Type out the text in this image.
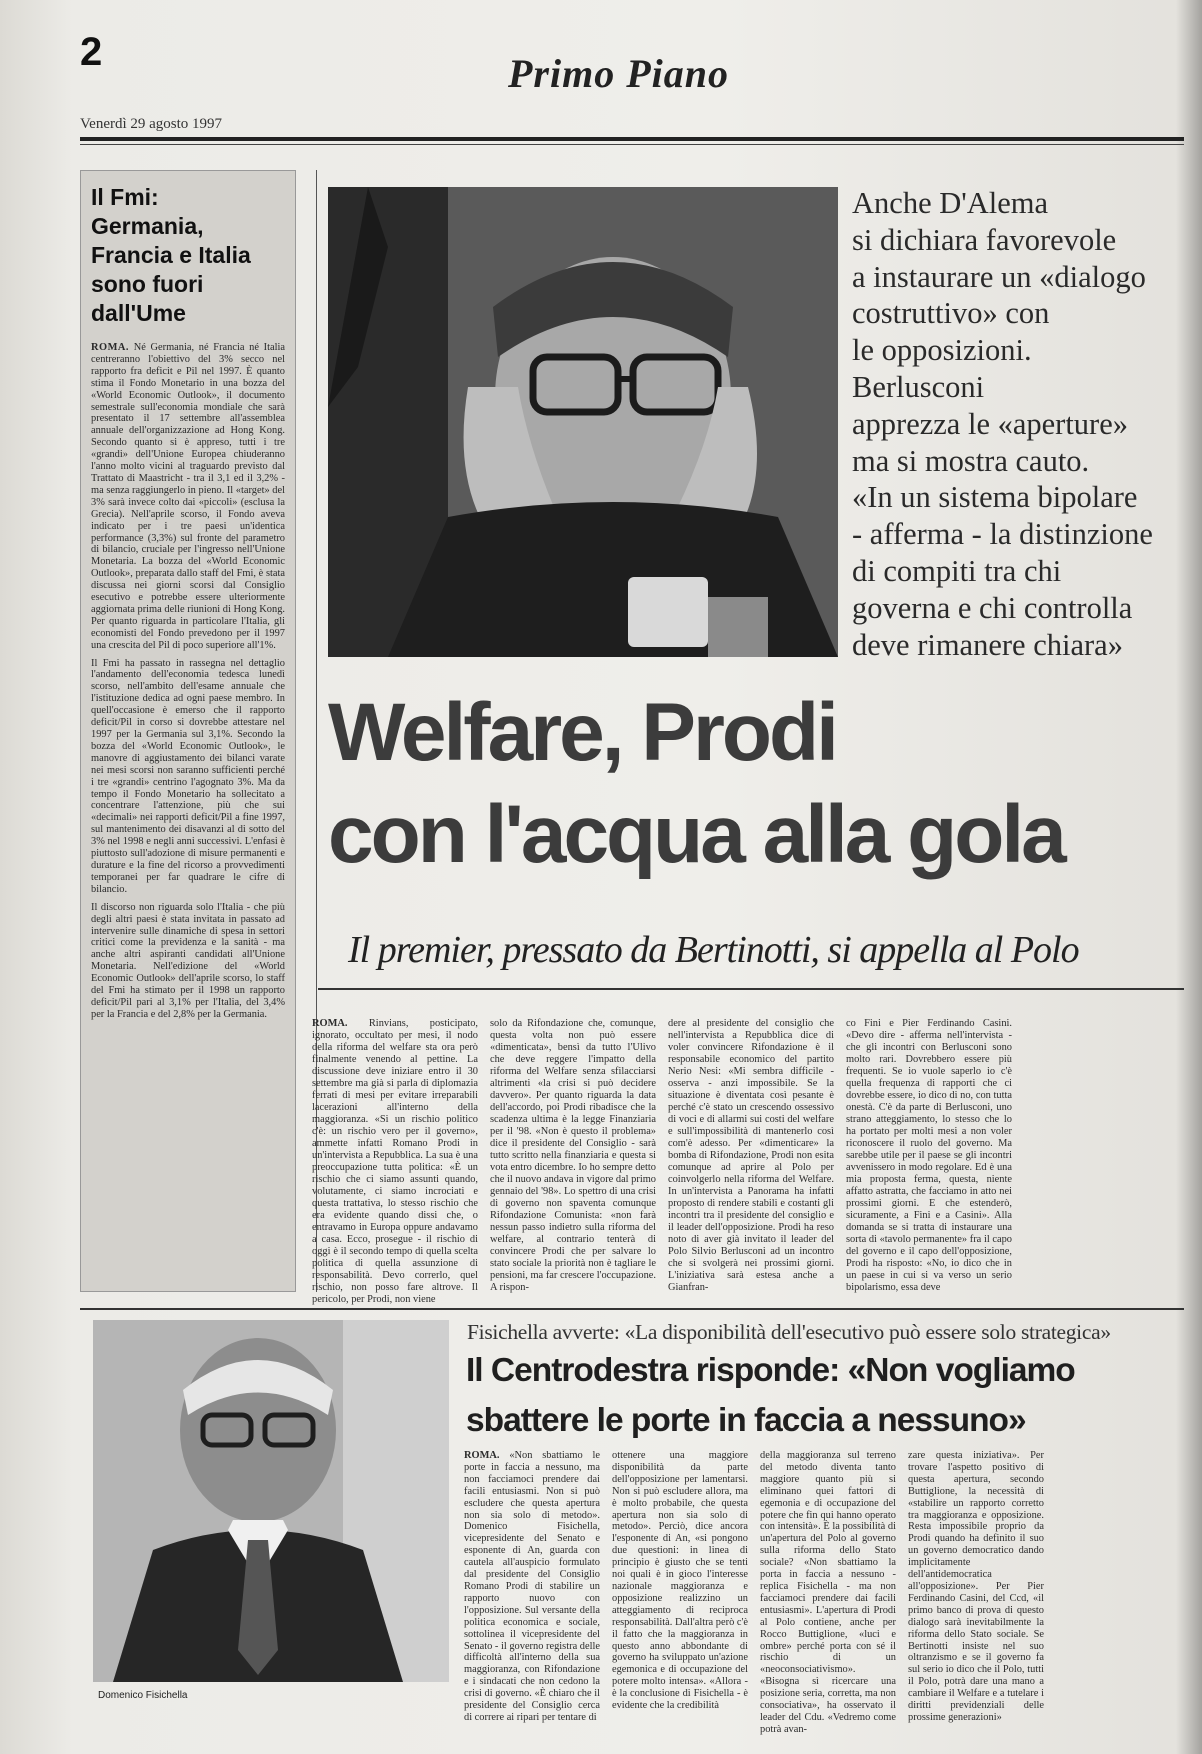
2	Primo Piano
Venerdì 29 agosto 1997
Il Fmi:
Germania,
Francia e Italia
sono fuori
dall'Ume

ROMA. Né Germania, né Francia né Italia centreranno l'obiettivo del 3% secco nel rapporto fra deficit e Pil nel 1997. È quanto stima il Fondo Monetario in una bozza del «World Economic Outlook», il documento semestrale sull'economia mondiale che sarà presentato il 17 settembre all'assemblea annuale dell'organizzazione ad Hong Kong. Secondo quanto si è appreso, tutti i tre «grandi» dell'Unione Europea chiuderanno l'anno molto vicini al traguardo previsto dal Trattato di Maastricht - tra il 3,1 ed il 3,2% - ma senza raggiungerlo in pieno. Il «target» del 3% sarà invece colto dai «piccoli» (esclusa la Grecia). Nell'aprile scorso, il Fondo aveva indicato per i tre paesi un'identica performance (3,3%) sul fronte del parametro di bilancio, cruciale per l'ingresso nell'Unione Monetaria. La bozza del «World Economic Outlook», preparata dallo staff del Fmi, è stata discussa nei giorni scorsi dal Consiglio esecutivo e potrebbe essere ulteriormente aggiornata prima delle riunioni di Hong Kong. Per quanto riguarda in particolare l'Italia, gli economisti del Fondo prevedono per il 1997 una crescita del Pil di poco superiore all'1%.

Il Fmi ha passato in rassegna nel dettaglio l'andamento dell'economia tedesca lunedì scorso, nell'ambito dell'esame annuale che l'istituzione dedica ad ogni paese membro. In quell'occasione è emerso che il rapporto deficit/Pil in corso si dovrebbe attestare nel 1997 per la Germania sul 3,1%. Secondo la bozza del «World Economic Outlook», le manovre di aggiustamento dei bilanci varate nei mesi scorsi non saranno sufficienti perché i tre «grandi» centrino l'agognato 3%. Ma da tempo il Fondo Monetario ha sollecitato a concentrare l'attenzione, più che sui «decimali» nei rapporti deficit/Pil a fine 1997, sul mantenimento dei disavanzi al di sotto del 3% nel 1998 e negli anni successivi. L'enfasi è piuttosto sull'adozione di misure permanenti e durature e la fine del ricorso a provvedimenti temporanei per far quadrare le cifre di bilancio.

Il discorso non riguarda solo l'Italia - che più degli altri paesi è stata invitata in passato ad intervenire sulle dinamiche di spesa in settori critici come la previdenza e la sanità - ma anche altri aspiranti candidati all'Unione Monetaria. Nell'edizione del «World Economic Outlook» dell'aprile scorso, lo staff del Fmi ha stimato per il 1998 un rapporto deficit/Pil pari al 3,1% per l'Italia, del 3,4% per la Francia e del 2,8% per la Germania.

Anche D'Alema
si dichiara favorevole
a instaurare un «dialogo
costruttivo» con
le opposizioni.
Berlusconi
apprezza le «aperture»
ma si mostra cauto.
«In un sistema bipolare
- afferma - la distinzione
di compiti tra chi
governa e chi controlla
deve rimanere chiara»
Welfare, Prodi
con l'acqua alla gola
Il premier, pressato da Bertinotti, si appella al Polo

ROMA. Rinvians, posticipato, ignorato, occultato per mesi, il nodo della riforma del welfare sta ora però finalmente venendo al pettine. La discussione deve iniziare entro il 30 settembre ma già si parla di diplomazia ferrati di mesi per evitare irreparabili lacerazioni all'interno della maggioranza. «Si un rischio politico c'è: un rischio vero per il governo», ammette infatti Romano Prodi in un'intervista a Repubblica. La sua è una preoccupazione tutta politica: «È un rischio che ci siamo assunti quando, volutamente, ci siamo incrociati e questa trattativa, lo stesso rischio che era evidente quando dissi che, o entravamo in Europa oppure andavamo a casa. Ecco, prosegue - il rischio di oggi è il secondo tempo di quella scelta politica di quella assunzione di responsabilità. Devo correrlo, quel rischio, non posso fare altrove. Il pericolo, per Prodi, non viene

solo da Rifondazione che, comunque, questa volta non può essere «dimenticata», bensì da tutto l'Ulivo che deve reggere l'impatto della riforma del Welfare senza sfilacciarsi altrimenti «la crisi si può decidere davvero». Per quanto riguarda la data dell'accordo, poi Prodi ribadisce che la scadenza ultima è la legge Finanziaria per il '98. «Non è questo il problema» dice il presidente del Consiglio - sarà tutto scritto nella finanziaria e questa si vota entro dicembre. Io ho sempre detto che il nuovo andava in vigore dal primo gennaio del '98». Lo spettro di una crisi di governo non spaventa comunque Rifondazione Comunista: «non farà nessun passo indietro sulla riforma del welfare, al contrario tenterà di convincere Prodi che per salvare lo stato sociale la priorità non è tagliare le pensioni, ma far crescere l'occupazione. A rispon-

dere al presidente del consiglio che nell'intervista a Repubblica dice di voler convincere Rifondazione è il responsabile economico del partito Nerio Nesi: «Mi sembra difficile - osserva - anzi impossibile. Se la situazione è diventata così pesante è perché c'è stato un crescendo ossessivo di voci e di allarmi sui costi del welfare e sull'impossibilità di mantenerlo così com'è adesso. Per «dimenticare» la bomba di Rifondazione, Prodi non esita comunque ad aprire al Polo per coinvolgerlo nella riforma del Welfare. In un'intervista a Panorama ha infatti proposto di rendere stabili e costanti gli incontri tra il presidente del consiglio e il leader dell'opposizione. Prodi ha reso noto di aver già invitato il leader del Polo Silvio Berlusconi ad un incontro che si svolgerà nei prossimi giorni. L'iniziativa sarà estesa anche a Gianfran-

co Fini e Pier Ferdinando Casini. «Devo dire - afferma nell'intervista - che gli incontri con Berlusconi sono molto rari. Dovrebbero essere più frequenti. Se io vuole saperlo io c'è quella frequenza di rapporti che ci dovrebbe essere, io dico di no, con tutta onestà. C'è da parte di Berlusconi, uno strano atteggiamento, lo stesso che lo ha portato per molti mesi a non voler riconoscere il ruolo del governo. Ma sarebbe utile per il paese se gli incontri avvenissero in modo regolare. Ed è una mia proposta ferma, questa, niente affatto astratta, che facciamo in atto nei prossimi giorni. E che estenderò, sicuramente, a Fini e a Casini». Alla domanda se si tratta di instaurare una sorta di «tavolo permanente» fra il capo del governo e il capo dell'opposizione, Prodi ha risposto: «No, io dico che in un paese in cui si va verso un serio bipolarismo, essa deve

Domenico Fisichella
Fisichella avverte: «La disponibilità dell'esecutivo può essere solo strategica»
Il Centrodestra risponde: «Non vogliamo
sbattere le porte in faccia a nessuno»

ROMA. «Non sbattiamo le porte in faccia a nessuno, ma non facciamoci prendere dai facili entusiasmi. Non si può escludere che questa apertura non sia solo di metodo». Domenico Fisichella, vicepresidente del Senato e esponente di An, guarda con cautela all'auspicio formulato dal presidente del Consiglio Romano Prodi di stabilire un rapporto nuovo con l'opposizione. Sul versante della politica economica e sociale, sottolinea il vicepresidente del Senato - il governo registra delle difficoltà all'interno della sua maggioranza, con Rifondazione e i sindacati che non cedono la crisi di governo. «È chiaro che il presidente del Consiglio cerca di correre ai ripari per tentare di

ottenere una maggiore disponibilità da parte dell'opposizione per lamentarsi. Non si può escludere allora, ma è molto probabile, che questa apertura non sia solo di metodo». Perciò, dice ancora l'esponente di An, «si pongono due questioni: in linea di principio è giusto che se tenti noi quali è in gioco l'interesse nazionale maggioranza e opposizione realizzino un atteggiamento di reciproca responsabilità. Dall'altra però c'è il fatto che la maggioranza in questo anno abbondante di governo ha sviluppato un'azione egemonica e di occupazione del potere molto intensa». «Allora - è la conclusione di Fisichella - è evidente che la credibilità

della maggioranza sul terreno del metodo diventa tanto maggiore quanto più si eliminano quei fattori di egemonia e di occupazione del potere che fin qui hanno operato con intensità». È la possibilità di un'apertura del Polo al governo sulla riforma dello Stato sociale? «Non sbattiamo la porta in faccia a nessuno - replica Fisichella - ma non facciamoci prendere dai facili entusiasmi». L'apertura di Prodi al Polo contiene, anche per Rocco Buttiglione, «luci e ombre» perché porta con sé il rischio di un «neoconsociativismo». «Bisogna sì ricercare una posizione seria, corretta, ma non consociativa», ha osservato il leader del Cdu. «Vedremo come potrà avan-

zare questa iniziativa». Per trovare l'aspetto positivo di questa apertura, secondo Buttiglione, la necessità di «stabilire un rapporto corretto tra maggioranza e opposizione. Resta impossibile proprio da Prodi quando ha definito il suo un governo democratico dando implicitamente dell'antidemocratica all'opposizione». Per Pier Ferdinando Casini, del Ccd, «il primo banco di prova di questo dialogo sarà inevitabilmente la riforma dello Stato sociale. Se Bertinotti insiste nel suo oltranzismo e se il governo fa sul serio io dico che il Polo, tutti il Polo, potrà dare una mano a cambiare il Welfare e a tutelare i diritti previdenziali delle prossime generazioni»
